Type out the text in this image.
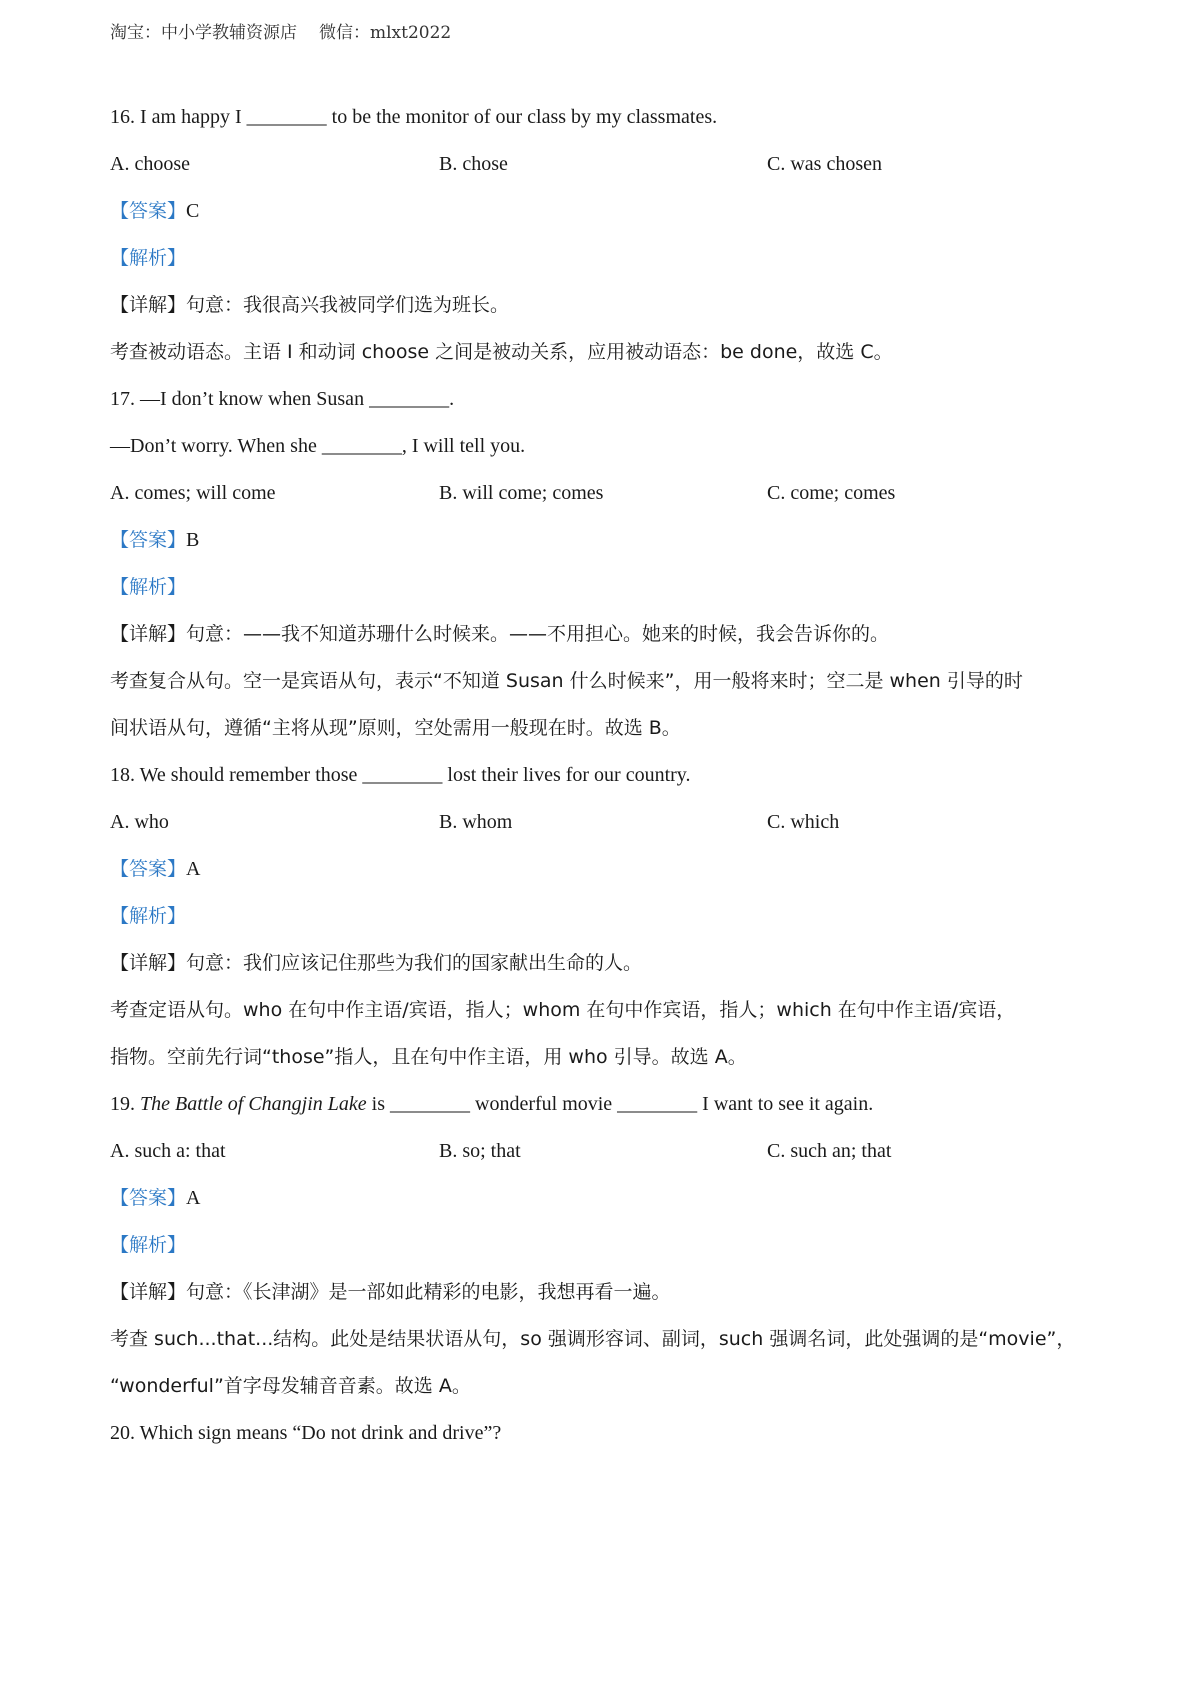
淘宝：中小学教辅资源店 微信：mlxt2022
16. I am happy I ________ to be the monitor of our class by my classmates.
A. choose	B. chose	C. was chosen
【答案】C
【解析】
【详解】句意：我很高兴我被同学们选为班长。
考查被动语态。主语 I 和动词 choose 之间是被动关系，应用被动语态：be done，故选 C。
17. —I don’t know when Susan ________.
—Don’t worry. When she ________, I will tell you.
A. comes; will come	B. will come; comes	C. come; comes
【答案】B
【解析】
【详解】句意：——我不知道苏珊什么时候来。——不用担心。她来的时候，我会告诉你的。
考查复合从句。空一是宾语从句，表示“不知道 Susan 什么时候来”，用一般将来时；空二是 when 引导的时
间状语从句，遵循“主将从现”原则，空处需用一般现在时。故选 B。
18. We should remember those ________ lost their lives for our country.
A. who	B. whom	C. which
【答案】A
【解析】
【详解】句意：我们应该记住那些为我们的国家献出生命的人。
考查定语从句。who 在句中作主语/宾语，指人；whom 在句中作宾语，指人；which 在句中作主语/宾语，
指物。空前先行词“those”指人，且在句中作主语，用 who 引导。故选 A。
19. The Battle of Changjin Lake is ________ wonderful movie ________ I want to see it again.
A. such a: that	B. so; that	C. such an; that
【答案】A
【解析】
【详解】句意：《长津湖》是一部如此精彩的电影，我想再看一遍。
考查 such...that...结构。此处是结果状语从句，so 强调形容词、副词，such 强调名词，此处强调的是“movie”，
“wonderful”首字母发辅音音素。故选 A。
20. Which sign means “Do not drink and drive”?
